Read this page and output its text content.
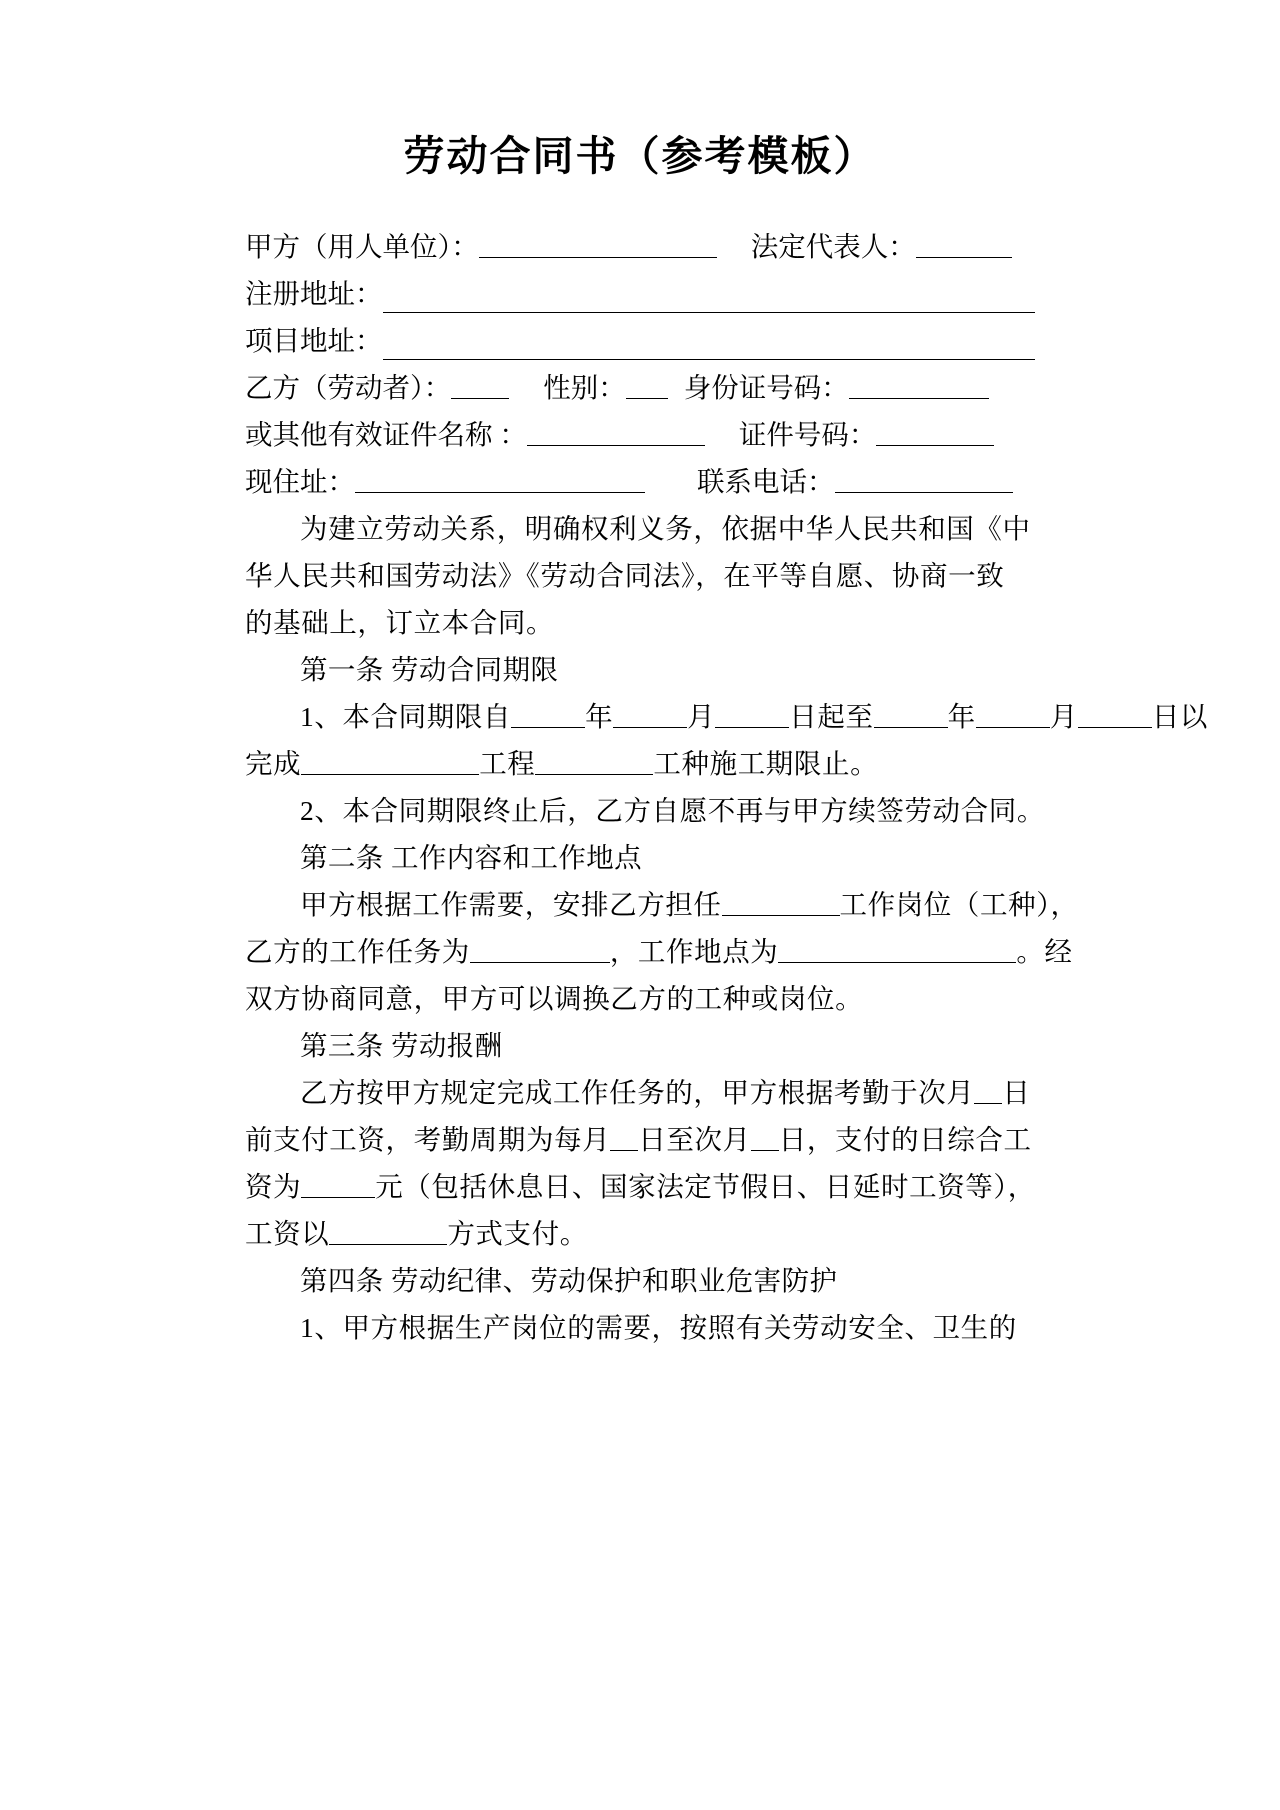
劳动合同书（参考模板）
甲方（用人单位）：	法定代表人：
注册地址：
项目地址：
乙方（劳动者）：	性别： 身份证号码：
或其他有效证件名称 ：	证件号码：
现住址：	联系电话：
为建立劳动关系，明确权利义务，依据中华人民共和国《中
华人民共和国劳动法》《劳动合同法》，在平等自愿、协商一致
的基础上，订立本合同。
第一条 劳动合同期限
1、本合同期限自	年	月	日起至	年	月	日以
完成	工程	工种施工期限止。
2、本合同期限终止后，乙方自愿不再与甲方续签劳动合同。
第二条 工作内容和工作地点
甲方根据工作需要，安排乙方担任	工作岗位（工种），
乙方的工作任务为	，工作地点为	。经
双方协商同意，甲方可以调换乙方的工种或岗位。
第三条 劳动报酬
乙方按甲方规定完成工作任务的，甲方根据考勤于次月 日
前支付工资，考勤周期为每月 日至次月 日，支付的日综合工
资为	元（包括休息日、国家法定节假日、日延时工资等），
工资以	方式支付。
第四条 劳动纪律、劳动保护和职业危害防护
1、甲方根据生产岗位的需要，按照有关劳动安全、卫生的
